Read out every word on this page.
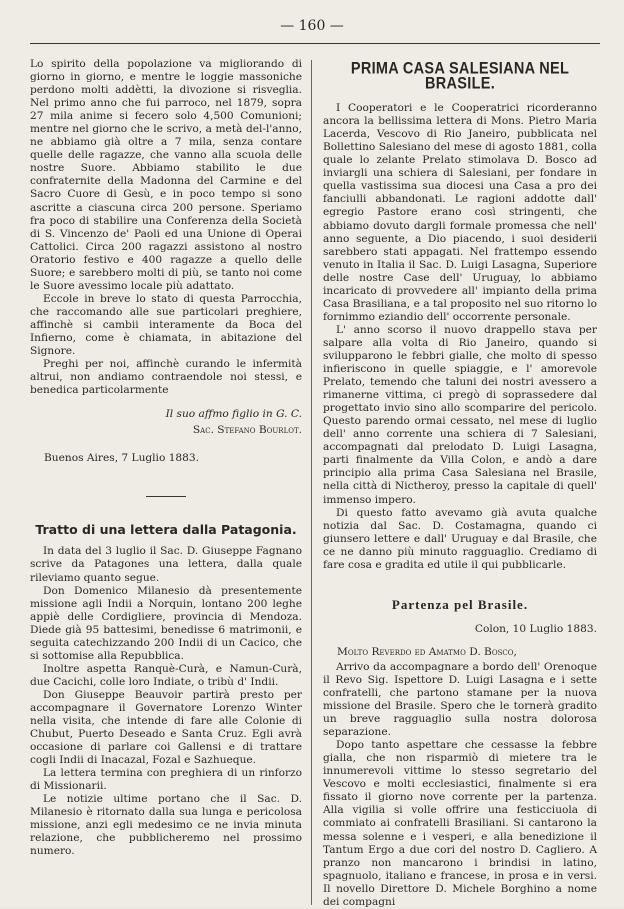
— 160 —

Lo spirito della popolazione va migliorando di giorno in giorno, e mentre le loggie massoniche perdono molti addètti, la divozione si risveglia. Nel primo anno che fui parroco, nel 1879, sopra 27 mila anime si fecero solo 4,500 Comunioni; mentre nel giorno che le scrivo, a metà del-l'anno, ne abbiamo già oltre a 7 mila, senza contare quelle delle ragazze, che vanno alla scuola delle nostre Suore. Abbiamo stabilito le due confraternite della Madonna del Carmine e del Sacro Cuore di Gesù, e in poco tempo si sono ascritte a ciascuna circa 200 persone. Speriamo fra poco di stabilire una Conferenza della Società di S. Vincenzo de' Paoli ed una Unione di Operai Cattolici. Circa 200 ragazzi assistono al nostro Oratorio festivo e 400 ragazze a quello delle Suore; e sarebbero molti di più, se tanto noi come le Suore avessimo locale più adattato.

Eccole in breve lo stato di questa Parrocchia, che raccomando alle sue particolari preghiere, affinchè si cambii interamente da Boca del Infierno, come è chiamata, in abitazione del Signore.

Preghi per noi, affinchè curando le infermità altrui, non andiamo contraendole noi stessi, e benedica particolarmente

Il suo affmo figlio in G. C.
Sac. Stefano Bourlot.
Buenos Aires, 7 Luglio 1883.
Tratto di una lettera dalla Patagonia.

In data del 3 luglio il Sac. D. Giuseppe Fagnano scrive da Patagones una lettera, dalla quale rileviamo quanto segue.

Don Domenico Milanesio dà presentemente missione agli Indii a Norquin, lontano 200 leghe appiè delle Cordigliere, provincia di Mendoza. Diede già 95 battesimi, benedisse 6 matrimonii, e seguita catechizzando 200 Indii di un Cacico, che si sottomise alla Repubblica.

Inoltre aspetta Ranquè-Curà, e Namun-Curà, due Cacichi, colle loro Indiate, o tribù d' Indii.

Don Giuseppe Beauvoir partirà presto per accompagnare il Governatore Lorenzo Winter nella visita, che intende di fare alle Colonie di Chubut, Puerto Deseado e Santa Cruz. Egli avrà occasione di parlare coi Gallensi e di trattare cogli Indii di Inacazal, Fozal e Sazhueque.

La lettera termina con preghiera di un rinforzo di Missionarii.

Le notizie ultime portano che il Sac. D. Milanesio è ritornato dalla sua lunga e pericolosa missione, anzi egli medesimo ce ne invia minuta relazione, che pubblicheremo nel prossimo numero.

PRIMA CASA SALESIANA NEL BRASILE.

I Cooperatori e le Cooperatrici ricorderanno ancora la bellissima lettera di Mons. Pietro Maria Lacerda, Vescovo di Rio Janeiro, pubblicata nel Bollettino Salesiano del mese di agosto 1881, colla quale lo zelante Prelato stimolava D. Bosco ad inviargli una schiera di Salesiani, per fondare in quella vastissima sua diocesi una Casa a pro dei fanciulli abbandonati. Le ragioni addotte dall' egregio Pastore erano così stringenti, che abbiamo dovuto dargli formale promessa che nell' anno seguente, a Dio piacendo, i suoi desiderii sarebbero stati appagati. Nel frattempo essendo venuto in Italia il Sac. D. Luigi Lasagna, Superiore delle nostre Case dell' Uruguay, lo abbiamo incaricato di provvedere all' impianto della prima Casa Brasiliana, e a tal proposito nel suo ritorno lo fornimmo eziandio dell' occorrente personale.

L' anno scorso il nuovo drappello stava per salpare alla volta di Rio Janeiro, quando si svilupparono le febbri gialle, che molto di spesso infieriscono in quelle spiaggie, e l' amorevole Prelato, temendo che taluni dei nostri avessero a rimanerne vittima, ci pregò di soprassedere dal progettato invio sino allo scomparire del pericolo. Questo parendo ormai cessato, nel mese di luglio dell' anno corrente una schiera di 7 Salesiani, accompagnati dal prelodato D. Luigi Lasagna, parti finalmente da Villa Colon, e andò a dare principio alla prima Casa Salesiana nel Brasile, nella città di Nictheroy, presso la capitale di quell' immenso impero.

Di questo fatto avevamo già avuta qualche notizia dal Sac. D. Costamagna, quando ci giunsero lettere e dall' Uruguay e dal Brasile, che ce ne danno più minuto ragguaglio. Crediamo di fare cosa e gradita ed utile il qui pubblicarle.

Partenza pel Brasile.
Colon, 10 Luglio 1883.
Molto Reverdo ed Amatmo D. Bosco,

Arrivo da accompagnare a bordo dell' Orenoque il Revo Sig. Ispettore D. Luigi Lasagna e i sette confratelli, che partono stamane per la nuova missione del Brasile. Spero che le tornerà gradito un breve ragguaglio sulla nostra dolorosa separazione.

Dopo tanto aspettare che cessasse la febbre gialla, che non risparmiò di mietere tra le innumerevoli vittime lo stesso segretario del Vescovo e molti ecclesiastici, finalmente si era fissato il giorno nove corrente per la partenza. Alla vigilia si volle offrire una festicciuola di commiato ai confratelli Brasiliani. Si cantarono la messa solenne e i vesperi, e alla benedizione il Tantum Ergo a due cori del nostro D. Cagliero. A pranzo non mancarono i brindisi in latino, spagnuolo, italiano e francese, in prosa e in versi. Il novello Direttore D. Michele Borghino a nome dei compagni
